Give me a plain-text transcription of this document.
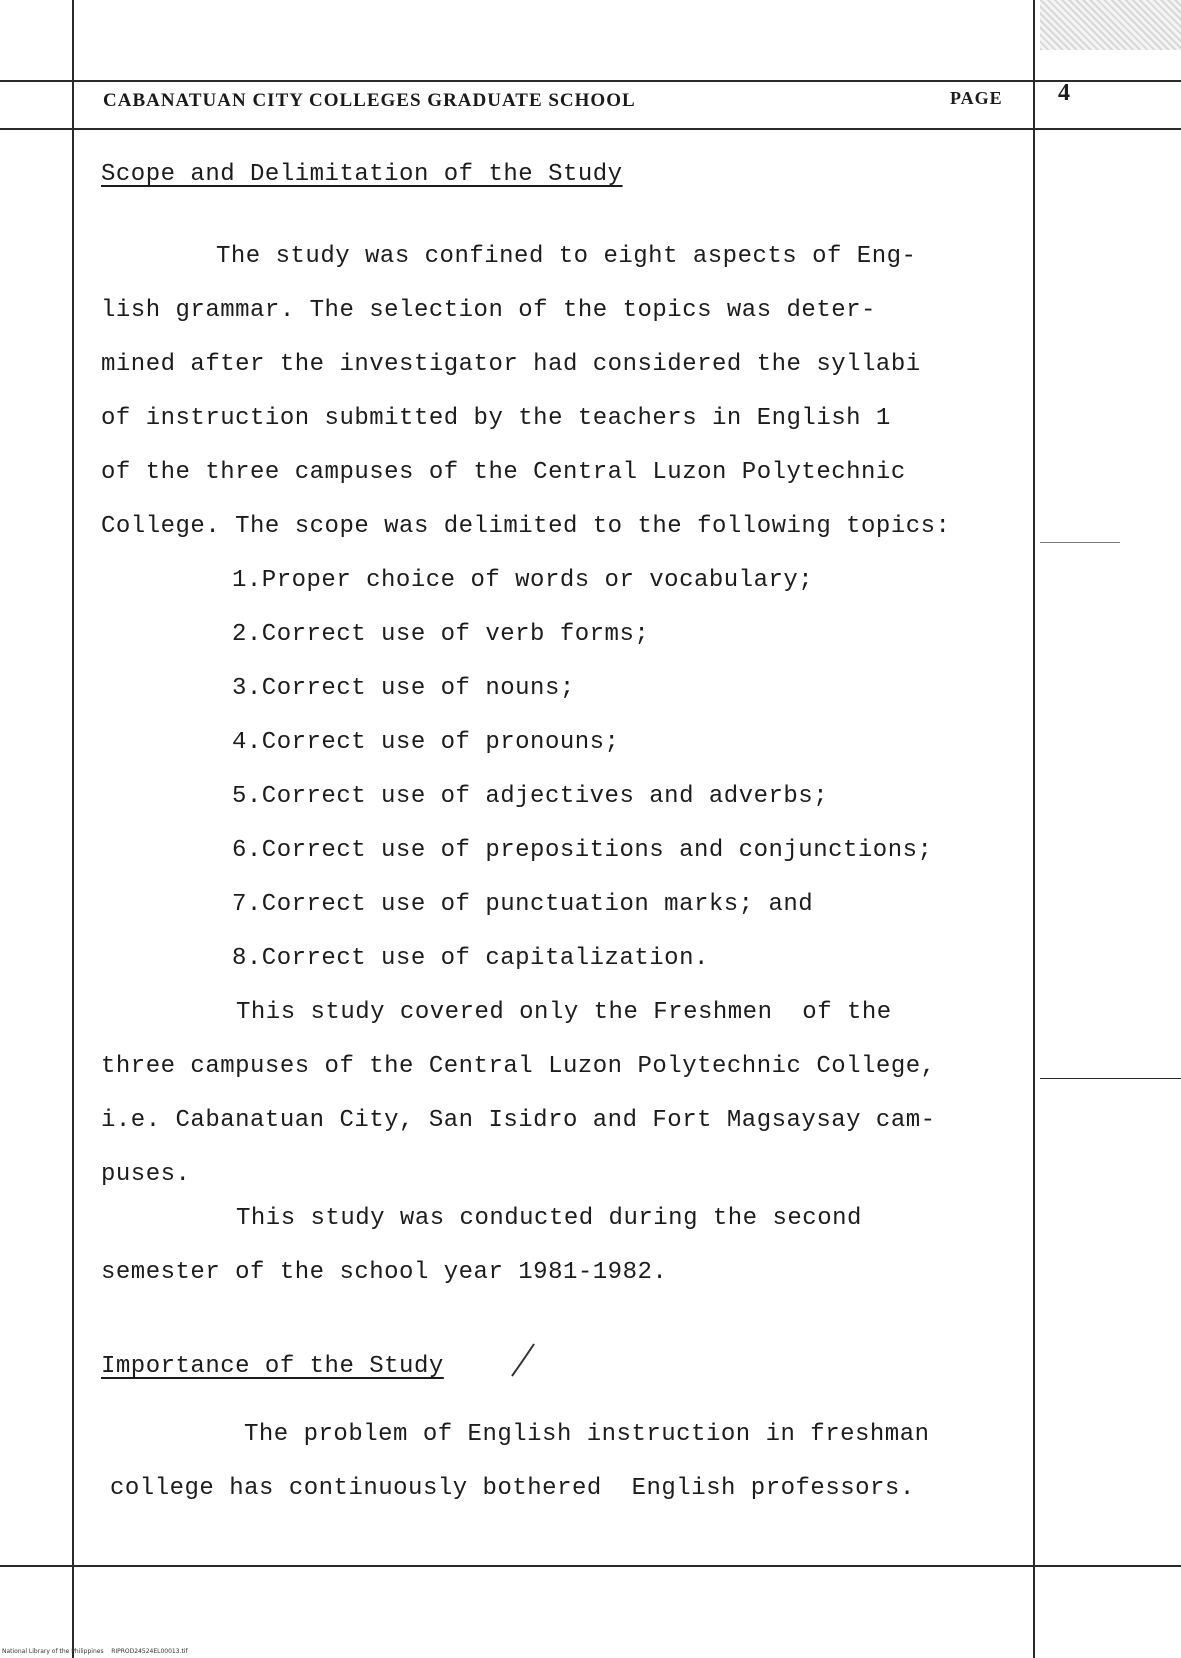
CABANATUAN CITY COLLEGES GRADUATE SCHOOL	PAGE 4
Scope and Delimitation of the Study
The study was confined to eight aspects of Eng-
lish grammar. The selection of the topics was deter-
mined after the investigator had considered the syllabi
of instruction submitted by the teachers in English 1
of the three campuses of the Central Luzon Polytechnic
College. The scope was delimited to the following topics:
1.Proper choice of words or vocabulary;
2.Correct use of verb forms;
3.Correct use of nouns;
4.Correct use of pronouns;
5.Correct use of adjectives and adverbs;
6.Correct use of prepositions and conjunctions;
7.Correct use of punctuation marks; and
8.Correct use of capitalization.
This study covered only the Freshmen  of the
three campuses of the Central Luzon Polytechnic College,
i.e. Cabanatuan City, San Isidro and Fort Magsaysay cam-
puses.
This study was conducted during the second
semester of the school year 1981-1982.
Importance of the Study
The problem of English instruction in freshman
college has continuously bothered  English professors.
National Library of the Philippines    RIPROD24524EL00013.tif
